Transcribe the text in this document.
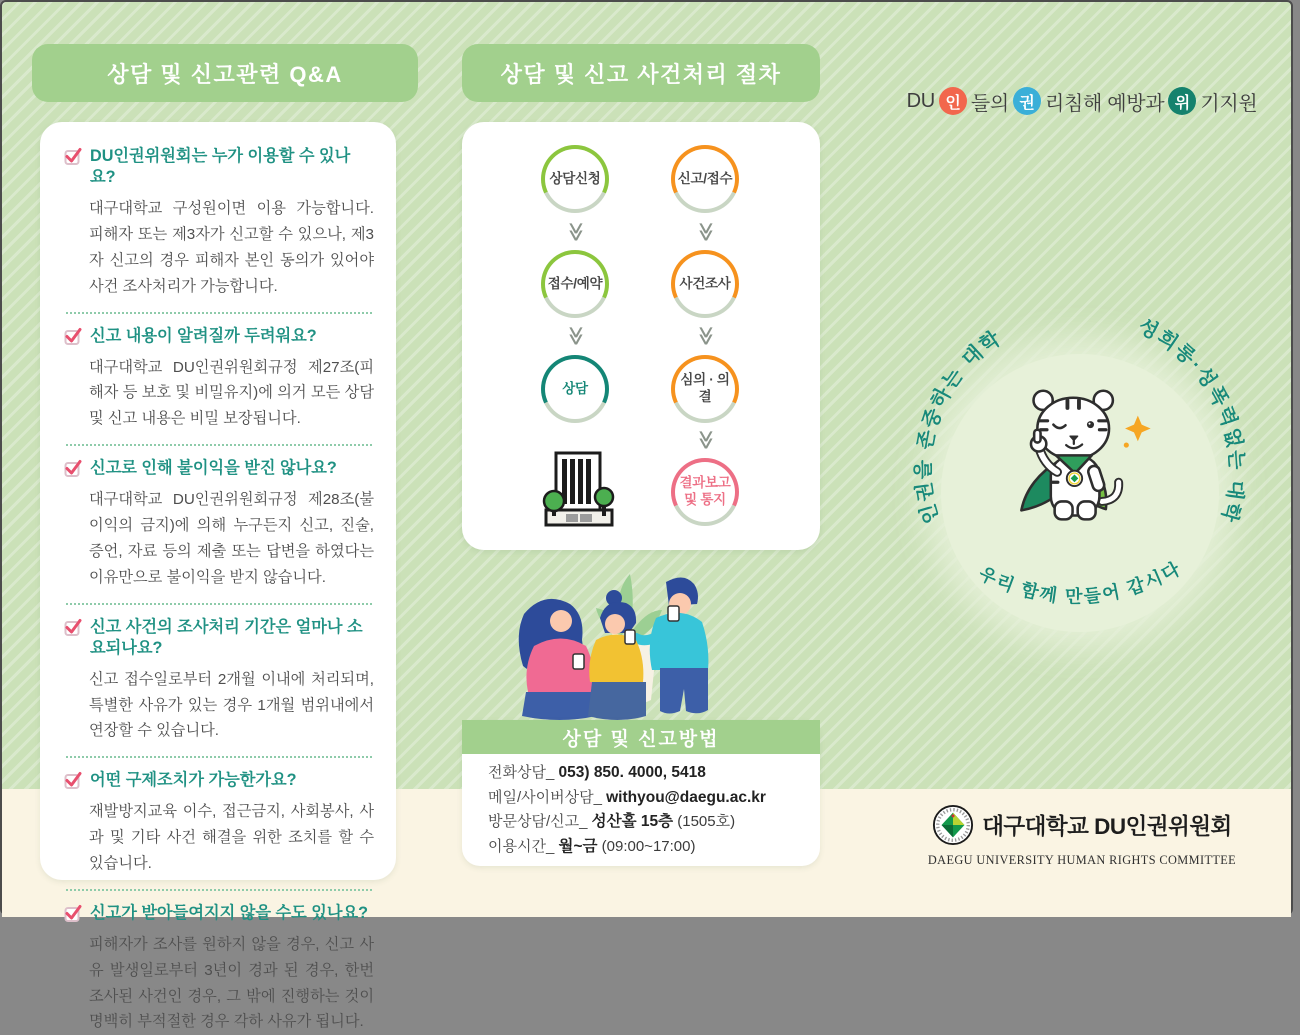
상담 및 신고관련 Q&A
DU인권위원회는 누가 이용할 수 있나요?
대구대학교 구성원이면 이용 가능합니다. 피해자 또는 제3자가 신고할 수 있으나, 제3자 신고의 경우 피해자 본인 동의가 있어야 사건 조사처리가 가능합니다.
신고 내용이 알려질까 두려워요?
대구대학교 DU인권위원회규정 제27조(피해자 등 보호 및 비밀유지)에 의거 모든 상담 및 신고 내용은 비밀 보장됩니다.
신고로 인해 불이익을 받진 않나요?
대구대학교 DU인권위원회규정 제28조(불이익의 금지)에 의해 누구든지 신고, 진술, 증언, 자료 등의 제출 또는 답변을 하였다는 이유만으로 불이익을 받지 않습니다.
신고 사건의 조사처리 기간은 얼마나 소요되나요?
신고 접수일로부터 2개월 이내에 처리되며, 특별한 사유가 있는 경우 1개월 범위내에서 연장할 수 있습니다.
어떤 구제조치가 가능한가요?
재발방지교육 이수, 접근금지, 사회봉사, 사과 및 기타 사건 해결을 위한 조치를 할 수 있습니다.
신고가 받아들여지지 않을 수도 있나요?
피해자가 조사를 원하지 않을 경우, 신고 사유 발생일로부터 3년이 경과 된 경우, 한번 조사된 사건인 경우, 그 밖에 진행하는 것이 명백히 부적절한 경우 각하 사유가 됩니다.
상담 및 신고 사건처리 절차
상담신청
≫
접수/예약
≫
상담
신고/접수
≫
사건조사
≫
심의 · 의결
≫
결과보고
및 통지
상담 및 신고방법
전화상담_ 053) 850. 4000, 5418
메일/사이버상담_ withyou@daegu.ac.kr
방문상담/신고_ 성산홀 15층 (1505호)
이용시간_ 월~금 (09:00~17:00)
DU 인 들의 권 리침해 예방과 위 기지원
인권을 존중하는 대학	성희롱·성폭력없는 대학
우리 함께 만들어 갑시다
대구대학교 DU인권위원회
DAEGU UNIVERSITY HUMAN RIGHTS COMMITTEE
